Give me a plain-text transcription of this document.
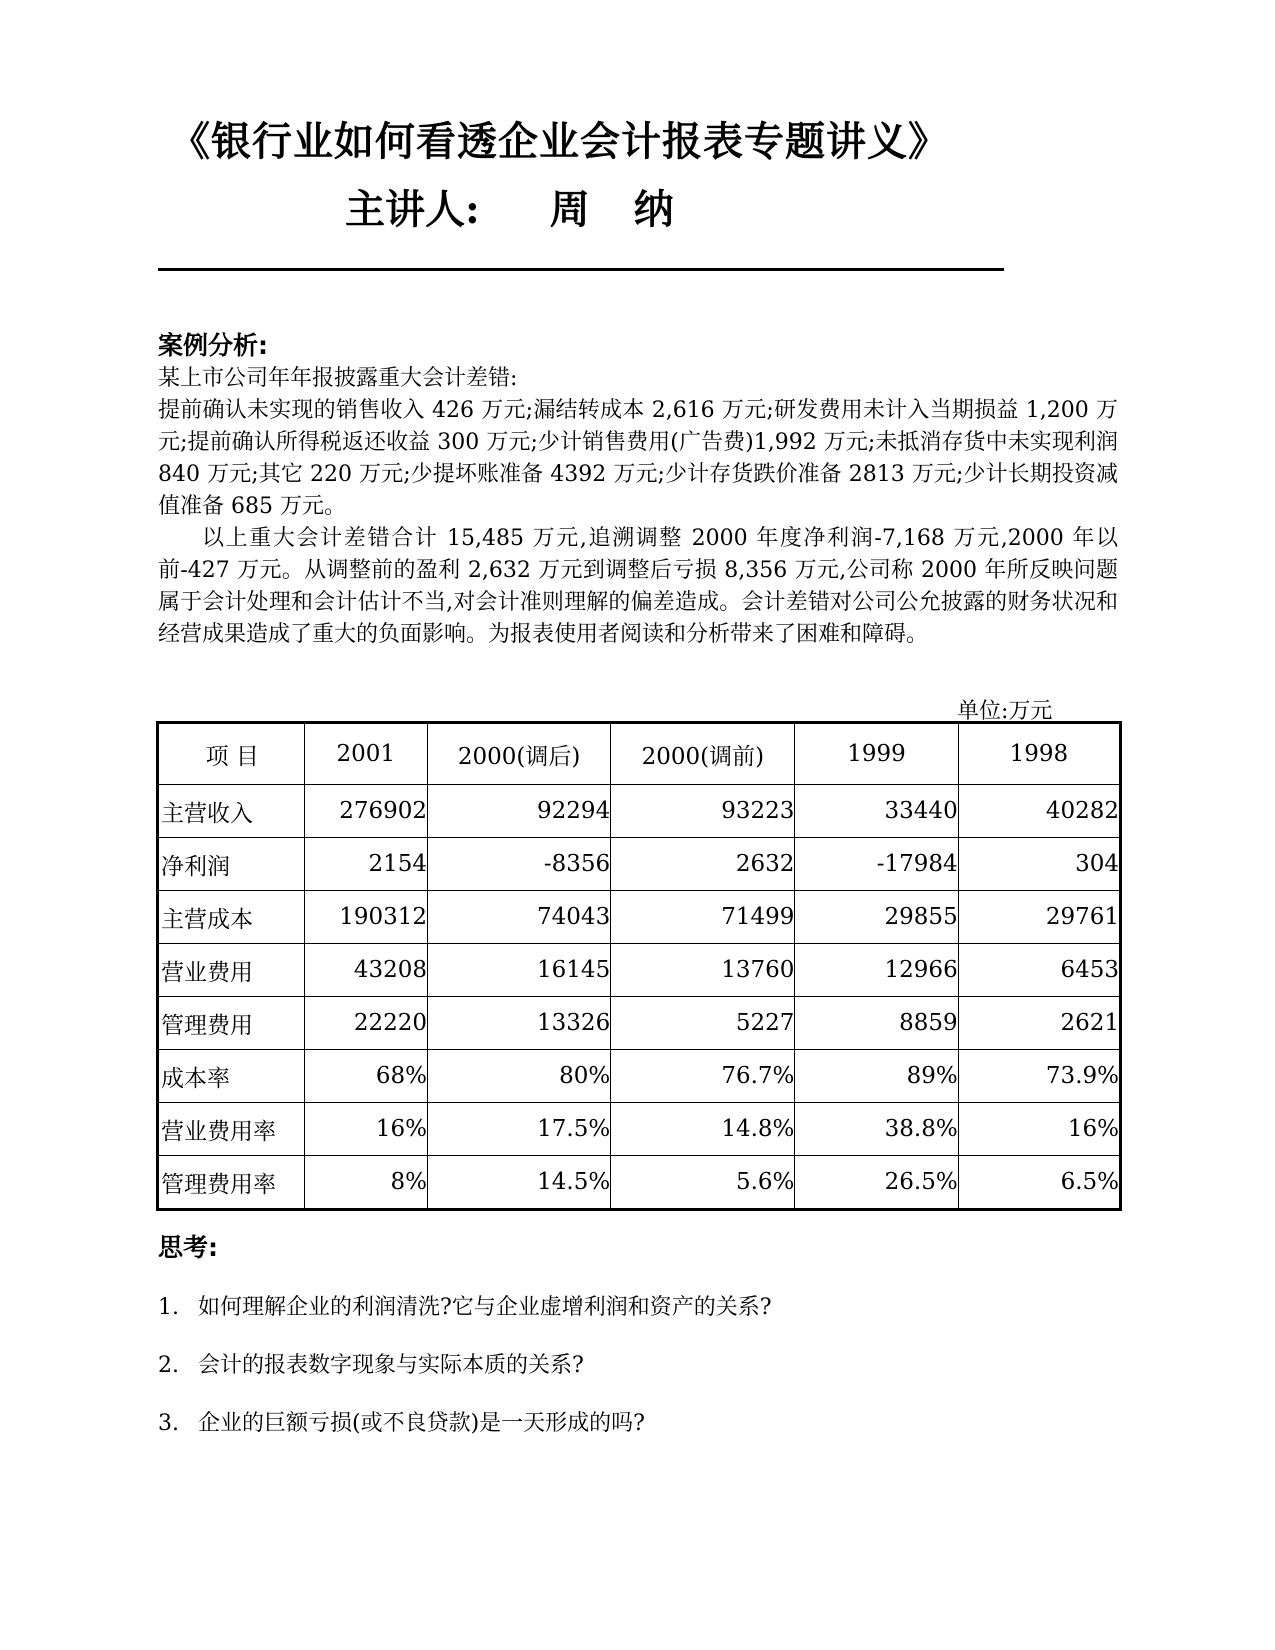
《银行业如何看透企业会计报表专题讲义》
主讲人: 周纳
案例分析:
某上市公司年年报披露重大会计差错:
提前确认未实现的销售收入 426 万元;漏结转成本 2,616 万元;研发费用未计入当期损益 1,200 万元;提前确认所得税返还收益 300 万元;少计销售费用(广告费)1,992 万元;未抵消存货中未实现利润 840 万元;其它 220 万元;少提坏账准备 4392 万元;少计存货跌价准备 2813 万元;少计长期投资减值准备 685 万元。
以上重大会计差错合计 15,485 万元,追溯调整 2000 年度净利润-7,168 万元,2000 年以前-427 万元。从调整前的盈利 2,632 万元到调整后亏损 8,356 万元,公司称 2000 年所反映问题属于会计处理和会计估计不当,对会计准则理解的偏差造成。会计差错对公司公允披露的财务状况和经营成果造成了重大的负面影响。为报表使用者阅读和分析带来了困难和障碍。
单位:万元
项 目	2001	2000(调后)	2000(调前)	1999	1998
主营收入	276902	92294	93223	33440	40282
净利润	2154	-8356	2632	-17984	304
主营成本	190312	74043	71499	29855	29761
营业费用	43208	16145	13760	12966	6453
管理费用	22220	13326	5227	8859	2621
成本率	68%	80%	76.7%	89%	73.9%
营业费用率	16%	17.5%	14.8%	38.8%	16%
管理费用率	8%	14.5%	5.6%	26.5%	6.5%
思考:
1. 如何理解企业的利润清洗?它与企业虚增利润和资产的关系?
2. 会计的报表数字现象与实际本质的关系?
3. 企业的巨额亏损(或不良贷款)是一天形成的吗?
